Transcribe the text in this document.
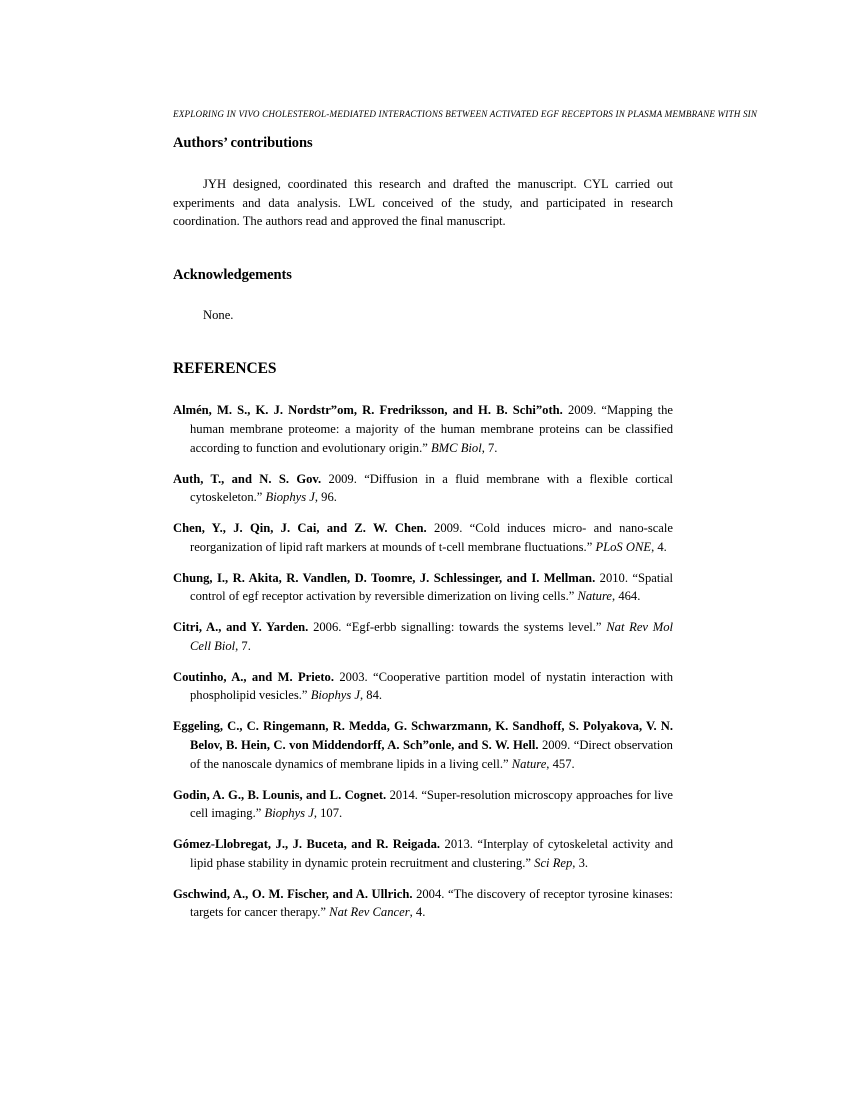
EXPLORING IN VIVO CHOLESTEROL-MEDIATED INTERACTIONS BETWEEN ACTIVATED EGF RECEPTORS IN PLASMA MEMBRANE WITH SIN
Authors’ contributions

JYH designed, coordinated this research and drafted the manuscript. CYL carried out experiments and data analysis. LWL conceived of the study, and participated in research coordination. The authors read and approved the final manuscript.

Acknowledgements

None.

REFERENCES
Almén, M. S., K. J. Nordstr”om, R. Fredriksson, and H. B. Schi”oth. 2009. “Mapping the human membrane proteome: a majority of the human membrane proteins can be classified according to function and evolutionary origin.” BMC Biol, 7.
Auth, T., and N. S. Gov. 2009. “Diffusion in a fluid membrane with a flexible cortical cytoskeleton.” Biophys J, 96.
Chen, Y., J. Qin, J. Cai, and Z. W. Chen. 2009. “Cold induces micro- and nano-scale reorganization of lipid raft markers at mounds of t-cell membrane fluctuations.” PLoS ONE, 4.
Chung, I., R. Akita, R. Vandlen, D. Toomre, J. Schlessinger, and I. Mellman. 2010. “Spatial control of egf receptor activation by reversible dimerization on living cells.” Nature, 464.
Citri, A., and Y. Yarden. 2006. “Egf-erbb signalling: towards the systems level.” Nat Rev Mol Cell Biol, 7.
Coutinho, A., and M. Prieto. 2003. “Cooperative partition model of nystatin interaction with phospholipid vesicles.” Biophys J, 84.
Eggeling, C., C. Ringemann, R. Medda, G. Schwarzmann, K. Sandhoff, S. Polyakova, V. N. Belov, B. Hein, C. von Middendorff, A. Sch”onle, and S. W. Hell. 2009. “Direct observation of the nanoscale dynamics of membrane lipids in a living cell.” Nature, 457.
Godin, A. G., B. Lounis, and L. Cognet. 2014. “Super-resolution microscopy approaches for live cell imaging.” Biophys J, 107.
Gómez-Llobregat, J., J. Buceta, and R. Reigada. 2013. “Interplay of cytoskeletal activity and lipid phase stability in dynamic protein recruitment and clustering.” Sci Rep, 3.
Gschwind, A., O. M. Fischer, and A. Ullrich. 2004. “The discovery of receptor tyrosine kinases: targets for cancer therapy.” Nat Rev Cancer, 4.
